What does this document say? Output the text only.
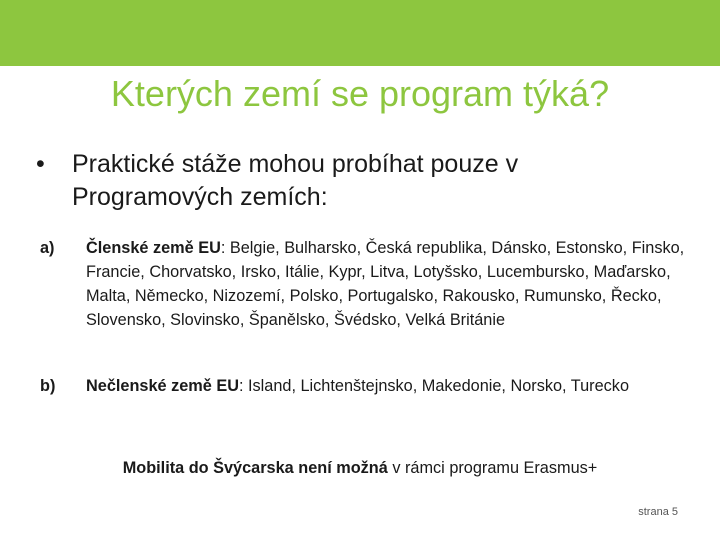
Kterých zemí se program týká?
•	Praktické stáže mohou probíhat pouze v Programových zemích:
a) Členské země EU: Belgie, Bulharsko, Česká republika, Dánsko, Estonsko, Finsko, Francie, Chorvatsko, Irsko, Itálie, Kypr, Litva, Lotyšsko, Lucembursko, Maďarsko, Malta, Německo, Nizozemí, Polsko, Portugalsko, Rakousko, Rumunsko, Řecko, Slovensko, Slovinsko, Španělsko, Švédsko, Velká Británie
b) Nečlenské země EU: Island, Lichtenštejnsko, Makedonie, Norsko, Turecko
Mobilita do Švýcarska není možná v rámci programu Erasmus+
strana 5
